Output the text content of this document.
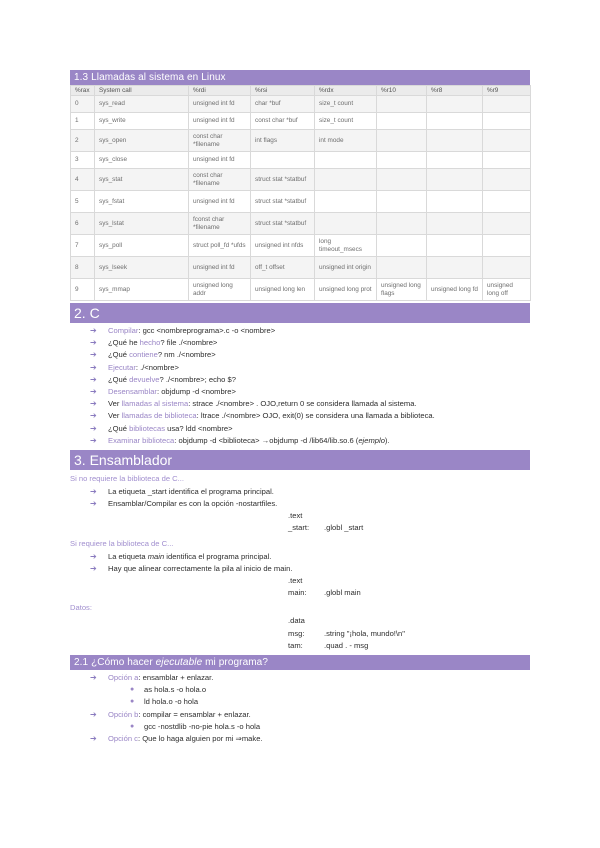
1.3 Llamadas al sistema en Linux
%rax	System call	%rdi	%rsi	%rdx	%r10	%r8	%r9
0	sys_read	unsigned int fd	char *buf	size_t count			
1	sys_write	unsigned int fd	const char *buf	size_t count			
2	sys_open	const char *filename	int flags	int mode			
3	sys_close	unsigned int fd					
4	sys_stat	const char *filename	struct stat *statbuf				
5	sys_fstat	unsigned int fd	struct stat *statbuf				
6	sys_lstat	fconst char *filename	struct stat *statbuf				
7	sys_poll	struct poll_fd *ufds	unsigned int nfds	long timeout_msecs			
8	sys_lseek	unsigned int fd	off_t offset	unsigned int origin			
9	sys_mmap	unsigned long addr	unsigned long len	unsigned long prot	unsigned long flags	unsigned long fd	unsigned long off
2. C
➔ Compilar: gcc <nombreprograma>.c -o <nombre>
➔ ¿Qué he hecho? file ./<nombre>
➔ ¿Qué contiene? nm ./<nombre>
➔ Ejecutar: ./<nombre>
➔ ¿Qué devuelve? ./<nombre>; echo $?
➔ Desensamblar: objdump -d <nombre>
➔ Ver llamadas al sistema: strace ./<nombre> . OJO,return 0 se considera llamada al sistema.
➔ Ver llamadas de biblioteca: ltrace ./<nombre> OJO, exit(0) se considera una llamada a biblioteca.
➔ ¿Qué bibliotecas usa? ldd <nombre>
➔ Examinar biblioteca: objdump -d <biblioteca> →objdump -d /lib64/lib.so.6 (ejemplo).
3. Ensamblador
Si no requiere la biblioteca de C...
➔ La etiqueta _start identifica el programa principal.
➔ Ensamblar/Compilar es con la opción -nostartfiles.
.text
_start: .globl _start
Si requiere la biblioteca de C...
➔ La etiqueta main identifica el programa principal.
➔ Hay que alinear correctamente la pila al inicio de main.
.text
main: .globl main
Datos:
.data
msg:	.string "¡hola, mundo!\n"
tam:	.quad . - msg
2.1 ¿Cómo hacer ejecutable mi programa?
➔ Opción a: ensamblar + enlazar.
● as hola.s -o hola.o
● ld hola.o -o hola
➔ Opción b: compilar = ensamblar + enlazar.
● gcc -nostdlib -no-pie hola.s -o hola
➔ Opción c: Que lo haga alguien por mi ⇒make.
